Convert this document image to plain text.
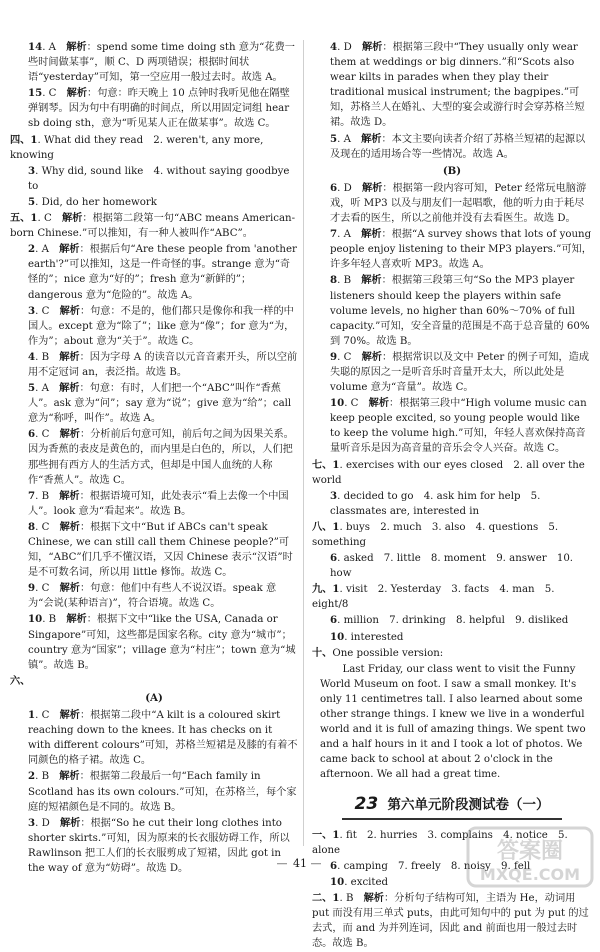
14. A　解析：spend some time doing sth 意为“花费一些时间做某事”，顺 C、D 两项错误；根据时间状语“yesterday”可知，第一空应用一般过去时。故选 A。

15. C　解析：句意：昨天晚上 10 点钟时我听见他在隔壁弹钢琴。因为句中有明确的时间点，所以用固定词组 hear sb doing sth，意为“听见某人正在做某事”。故选 C。

四、1. What did they read　2. weren't, any more, knowing

3. Why did, sound like　4. without saying goodbye to

5. Did, do her homework

五、1. C　解析：根据第二段第一句“ABC means American-born Chinese.”可以推知，有一种人被叫作“ABC”。

2. A　解析：根据后句“Are these people from 'another earth'?”可以推知，这是一件奇怪的事。strange 意为“奇怪的”；nice 意为“好的”；fresh 意为“新鲜的”；dangerous 意为“危险的”。故选 A。

3. C　解析：句意：不是的，他们都只是像你和我一样的中国人。except 意为“除了”；like 意为“像”；for 意为“为，作为”；about 意为“关于”。故选 C。

4. B　解析：因为字母 A 的读音以元音音素开头，所以空前用不定冠词 an，表泛指。故选 B。

5. A　解析：句意：有时，人们把一个“ABC”叫作“香蕉人”。ask 意为“问”；say 意为“说”；give 意为“给”；call 意为“称呼，叫作”。故选 A。

6. C　解析：分析前后句意可知，前后句之间为因果关系。因为香蕉的表皮是黄色的，而内里是白色的，所以，人们把那些拥有西方人的生活方式，但却是中国人血统的人称作“香蕉人”。故选 C。

7. B　解析：根据语境可知，此处表示“看上去像一个中国人”。look 意为“看起来”。故选 B。

8. C　解析：根据下文中“But if ABCs can't speak Chinese, we can still call them Chinese people?”可知，“ABC”们几乎不懂汉语，又因 Chinese 表示“汉语”时是不可数名词，所以用 little 修饰。故选 C。

9. C　解析：句意：他们中有些人不说汉语。speak 意为“会说(某种语言)”，符合语境。故选 C。

10. B　解析：根据下文中“like the USA, Canada or Singapore”可知，这些都是国家名称。city 意为“城市”；country 意为“国家”；village 意为“村庄”；town 意为“城镇”。故选 B。

六、

(A)

1. C　解析：根据第二段中“A kilt is a coloured skirt reaching down to the knees. It has checks on it with different colours”可知，苏格兰短裙是及膝的有着不同颜色的格子裙。故选 C。

2. B　解析：根据第二段最后一句“Each family in Scotland has its own colours.”可知，在苏格兰，每个家庭的短裙颜色是不同的。故选 B。

3. D　解析：根据“So he cut their long clothes into shorter skirts.”可知，因为原来的长衣服妨碍工作，所以 Rawlinson 把工人们的长衣服剪成了短裙，因此 got in the way of 意为“妨碍”。故选 D。

4. D　解析：根据第三段中“They usually only wear them at weddings or big dinners.”和“Scots also wear kilts in parades when they play their traditional musical instrument; the bagpipes.”可知，苏格兰人在婚礼、大型的宴会或游行时会穿苏格兰短裙。故选 D。

5. A　解析：本文主要向读者介绍了苏格兰短裙的起源以及现在的适用场合等一些情况。故选 A。

(B)

6. D　解析：根据第一段内容可知，Peter 经常玩电脑游戏，听 MP3 以及与朋友们一起唱歌，他的听力由于耗尽才去看的医生，所以之前他并没有去看医生。故选 D。

7. A　解析：根据“A survey shows that lots of young people enjoy listening to their MP3 players.”可知，许多年轻人喜欢听 MP3。故选 A。

8. B　解析：根据第三段第三句“So the MP3 player listeners should keep the players within safe volume levels, no higher than 60%～70% of full capacity.”可知，安全音量的范围是不高于总音量的 60% 到 70%。故选 B。

9. C　解析：根据常识以及文中 Peter 的例子可知，造成失聪的原因之一是听音乐时音量开太大，所以此处是 volume 意为“音量”。故选 C。

10. C　解析：根据第三段中“High volume music can keep people excited, so young people would like to keep the volume high.”可知，年轻人喜欢保持高音量听音乐是因为高音量的音乐会令人兴奋。故选 C。

七、1. exercises with our eyes closed　2. all over the world

3. decided to go　4. ask him for help　5. classmates are, interested in

八、1. buys　2. much　3. also　4. questions　5. something

6. asked　7. little　8. moment　9. answer　10. how

九、1. visit　2. Yesterday　3. facts　4. man　5. eight/8

6. million　7. drinking　8. helpful　9. disliked

10. interested

十、One possible version:

Last Friday, our class went to visit the Funny World Museum on foot. I saw a small monkey. It's only 11 centimetres tall. I also learned about some other strange things. I knew we live in a wonderful world and it is full of amazing things. We spent two and a half hours in it and I took a lot of photos. We came back to school at about 2 o'clock in the afternoon. We all had a great time.

23 第六单元阶段测试卷（一）

一、1. fit　2. hurries　3. complains　4. notice　5. alone

6. camping　7. freely　8. noisy　9. fell

10. excited

二、1. B　解析：分析句子结构可知，主语为 He，动词用 put 而没有用三单式 puts，由此可知句中的 put 为 put 的过去式，而 and 为并列连词，因此 and 前面也用一般过去时态。故选 B。

— 41 —	答案圈
MXQE.COM
